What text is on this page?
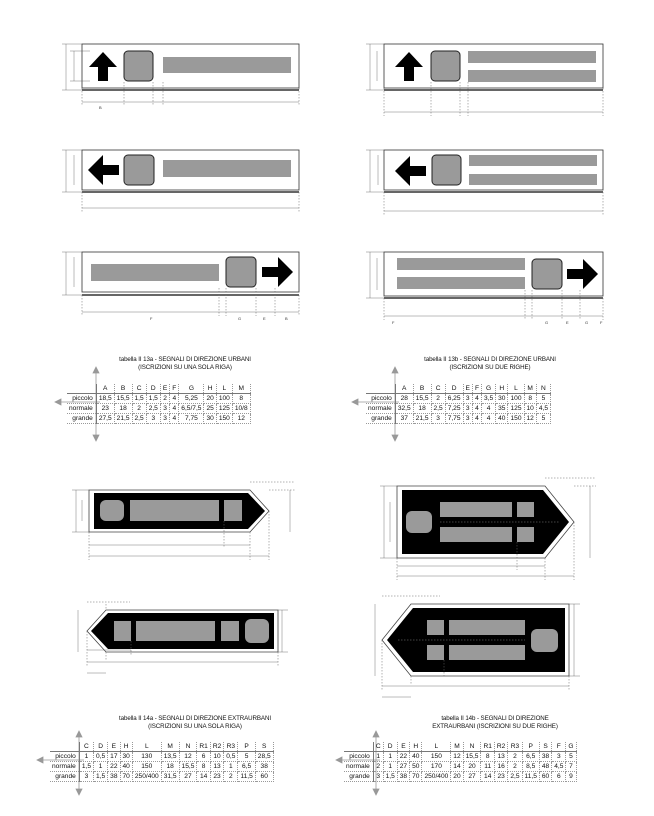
B
F	G	E	B
F	G	E	G	F
tabella II 13a - SEGNALI DI DIREZIONE URBANI
(ISCRIZIONI SU UNA SOLA RIGA)
tabella II 13b - SEGNALI DI DIREZIONE URBANI
(ISCRIZIONI SU DUE RIGHE)
tabella II 14a - SEGNALI DI DIREZIONE EXTRAURBANI
(ISCRIZIONI SU UNA SOLA RIGA)
tabella II 14b - SEGNALI DI DIREZIONE
EXTRAURBANI (ISCRIZIONI SU DUE RIGHE)
	A	B	C	D	E	F	G	H	L	M
piccolo	18,5	15,5	1,5	1,5	2	4	5,25	20	100	8
normale	23	18	2	2,5	3	4	6,5/7,5	25	125	10/8
grande	27,5	21,5	2,5	3	3	4	7,75	30	150	12
	A	B	C	D	E	F	G	H	L	M	N
piccolo	28	15,5	2	6,25	3	4	3,5	30	100	8	5
normale	32,5	18	2,5	7,25	3	4	4	35	125	10	4,5
grande	37	21,5	3	7,75	3	4	4	40	150	12	5
	C	D	E	H	L	M	N	R1	R2	R3	P	S
piccolo	1	0,5	17	30	130	13,5	12	6	10	0,5	5	28,5
normale	1,5	1	22	40	150	18	15,5	8	13	1	6,5	38
grande	3	1,5	38	70	250/400	31,5	27	14	23	2	11,5	60
	C	D	E	H	L	M	N	R1	R2	R3	P	S	F	G
piccolo	1	1	22	40	150	12	15,5	8	13	2	6,5	38	3	5
normale	2	1	27	50	170	14	20	11	16	2	8,5	48	4,5	7
grande	3	1,5	38	70	250/400	20	27	14	23	2,5	11,5	60	6	9
